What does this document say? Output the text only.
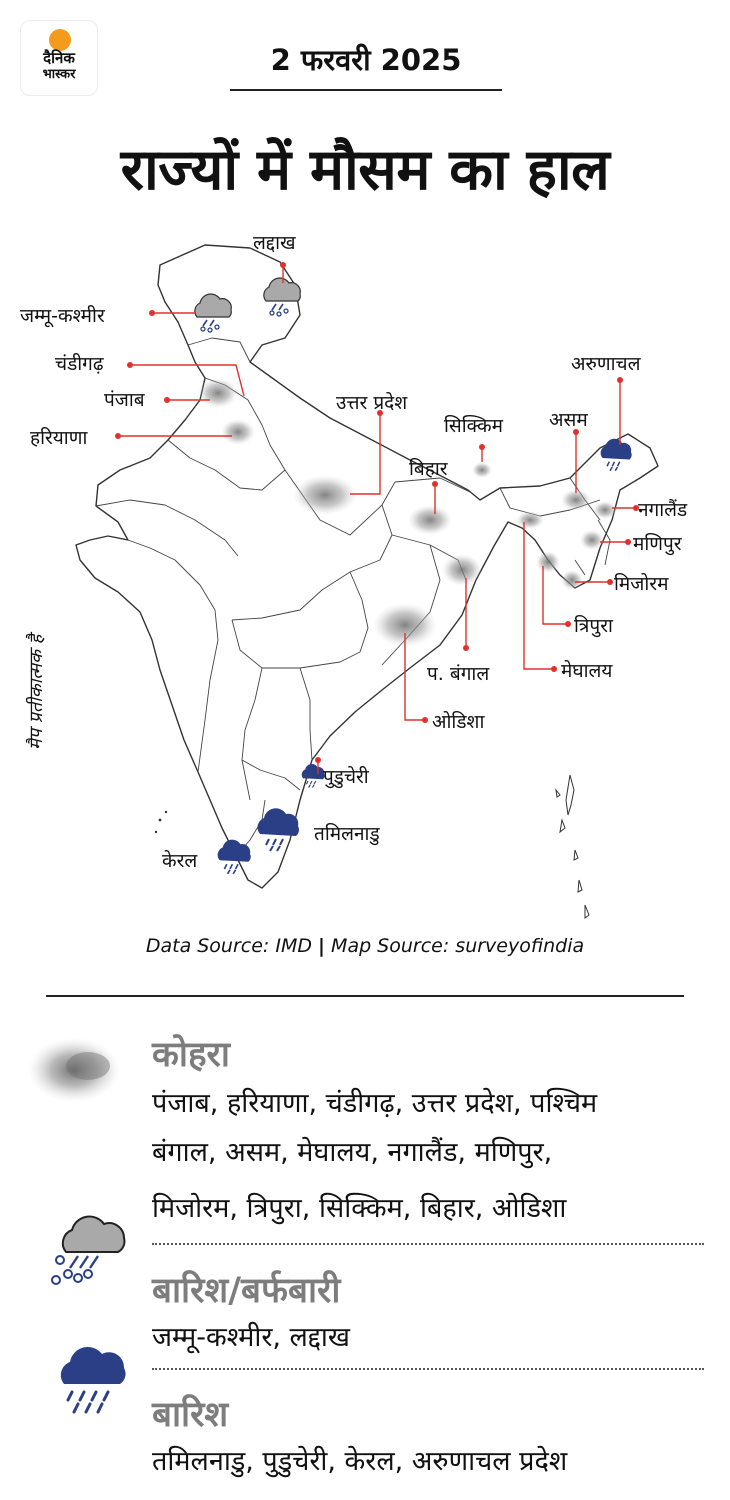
दैनिक
भास्कर	2 फरवरी 2025
राज्यों में मौसम का हाल
लद्दाख
जम्मू-कश्मीर
चंडीगढ़
पंजाब
हरियाणा
उत्तर प्रदेश
सिक्किम
बिहार
अरुणाचल
असम
नगालैंड
मणिपुर
मिजोरम
त्रिपुरा
मेघालय
प. बंगाल
ओडिशा
पुडुचेरी
तमिलनाडु
केरल
मैप प्रतीकात्मक है
Data Source: IMD | Map Source: surveyofindia
कोहरा
पंजाब, हरियाणा, चंडीगढ़, उत्तर प्रदेश, पश्चिम
बंगाल, असम, मेघालय, नगालैंड, मणिपुर,
मिजोरम, त्रिपुरा, सिक्किम, बिहार, ओडिशा
बारिश/बर्फबारी
जम्मू-कश्मीर, लद्दाख
बारिश
तमिलनाडु, पुडुचेरी, केरल, अरुणाचल प्रदेश
